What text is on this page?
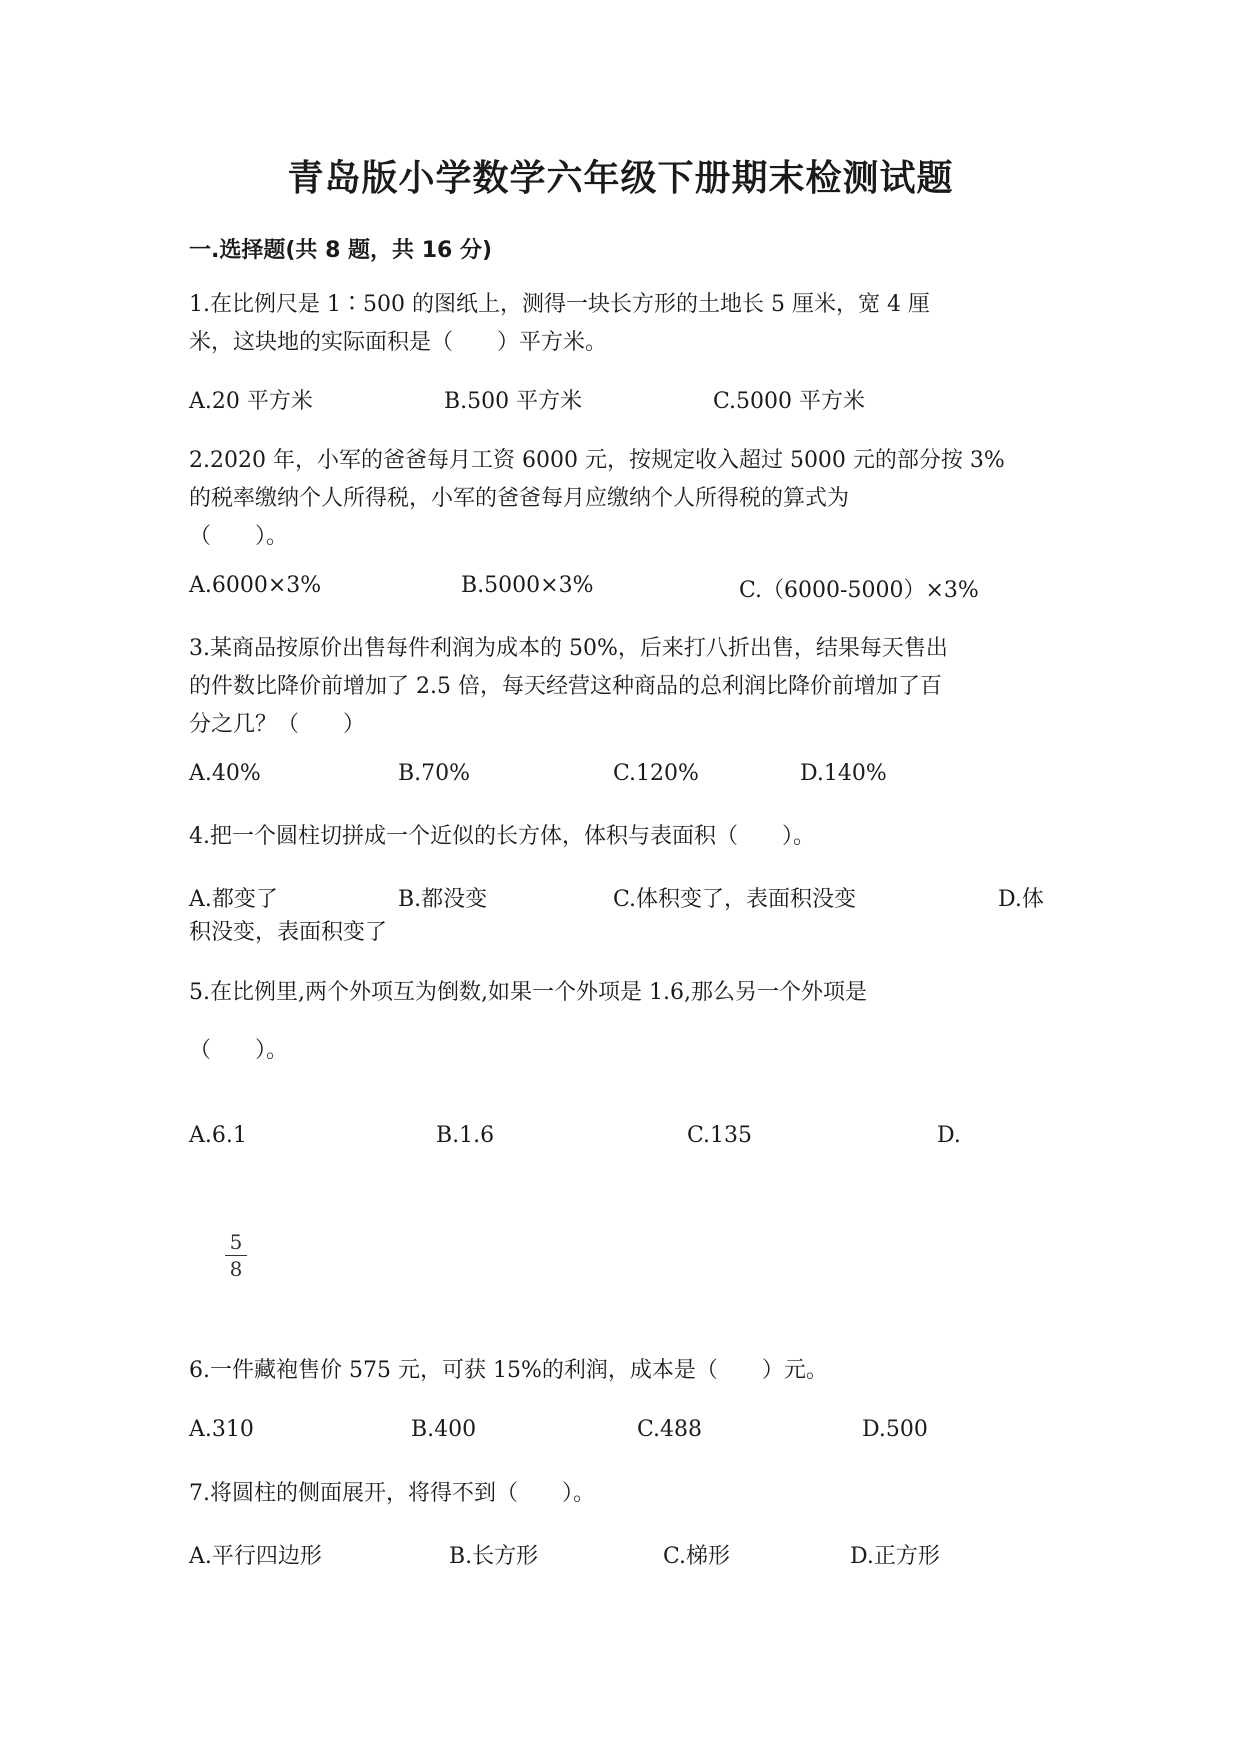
青岛版小学数学六年级下册期末检测试题
一.选择题(共 8 题，共 16 分)
1.在比例尺是 1∶500 的图纸上，测得一块长方形的土地长 5 厘米，宽 4 厘
米，这块地的实际面积是（　　）平方米。
A.20 平方米	B.500 平方米	C.5000 平方米
2.2020 年，小军的爸爸每月工资 6000 元，按规定收入超过 5000 元的部分按 3%
的税率缴纳个人所得税，小军的爸爸每月应缴纳个人所得税的算式为
（　　）。
A.6000×3%	B.5000×3%	C.（6000-5000）×3%
3.某商品按原价出售每件利润为成本的 50%，后来打八折出售，结果每天售出
的件数比降价前增加了 2.5 倍，每天经营这种商品的总利润比降价前增加了百
分之几？（　　）
A.40%	B.70%	C.120%	D.140%
4.把一个圆柱切拼成一个近似的长方体，体积与表面积（　　）。
A.都变了	B.都没变	C.体积变了，表面积没变	D.体
积没变，表面积变了
5.在比例里,两个外项互为倒数,如果一个外项是 1.6,那么另一个外项是
（　　）。
A.6.1	B.1.6	C.135	D.
5
8
6.一件藏袍售价 575 元，可获 15%的利润，成本是（　　）元。
A.310	B.400	C.488	D.500
7.将圆柱的侧面展开，将得不到（　　）。
A.平行四边形	B.长方形	C.梯形	D.正方形
